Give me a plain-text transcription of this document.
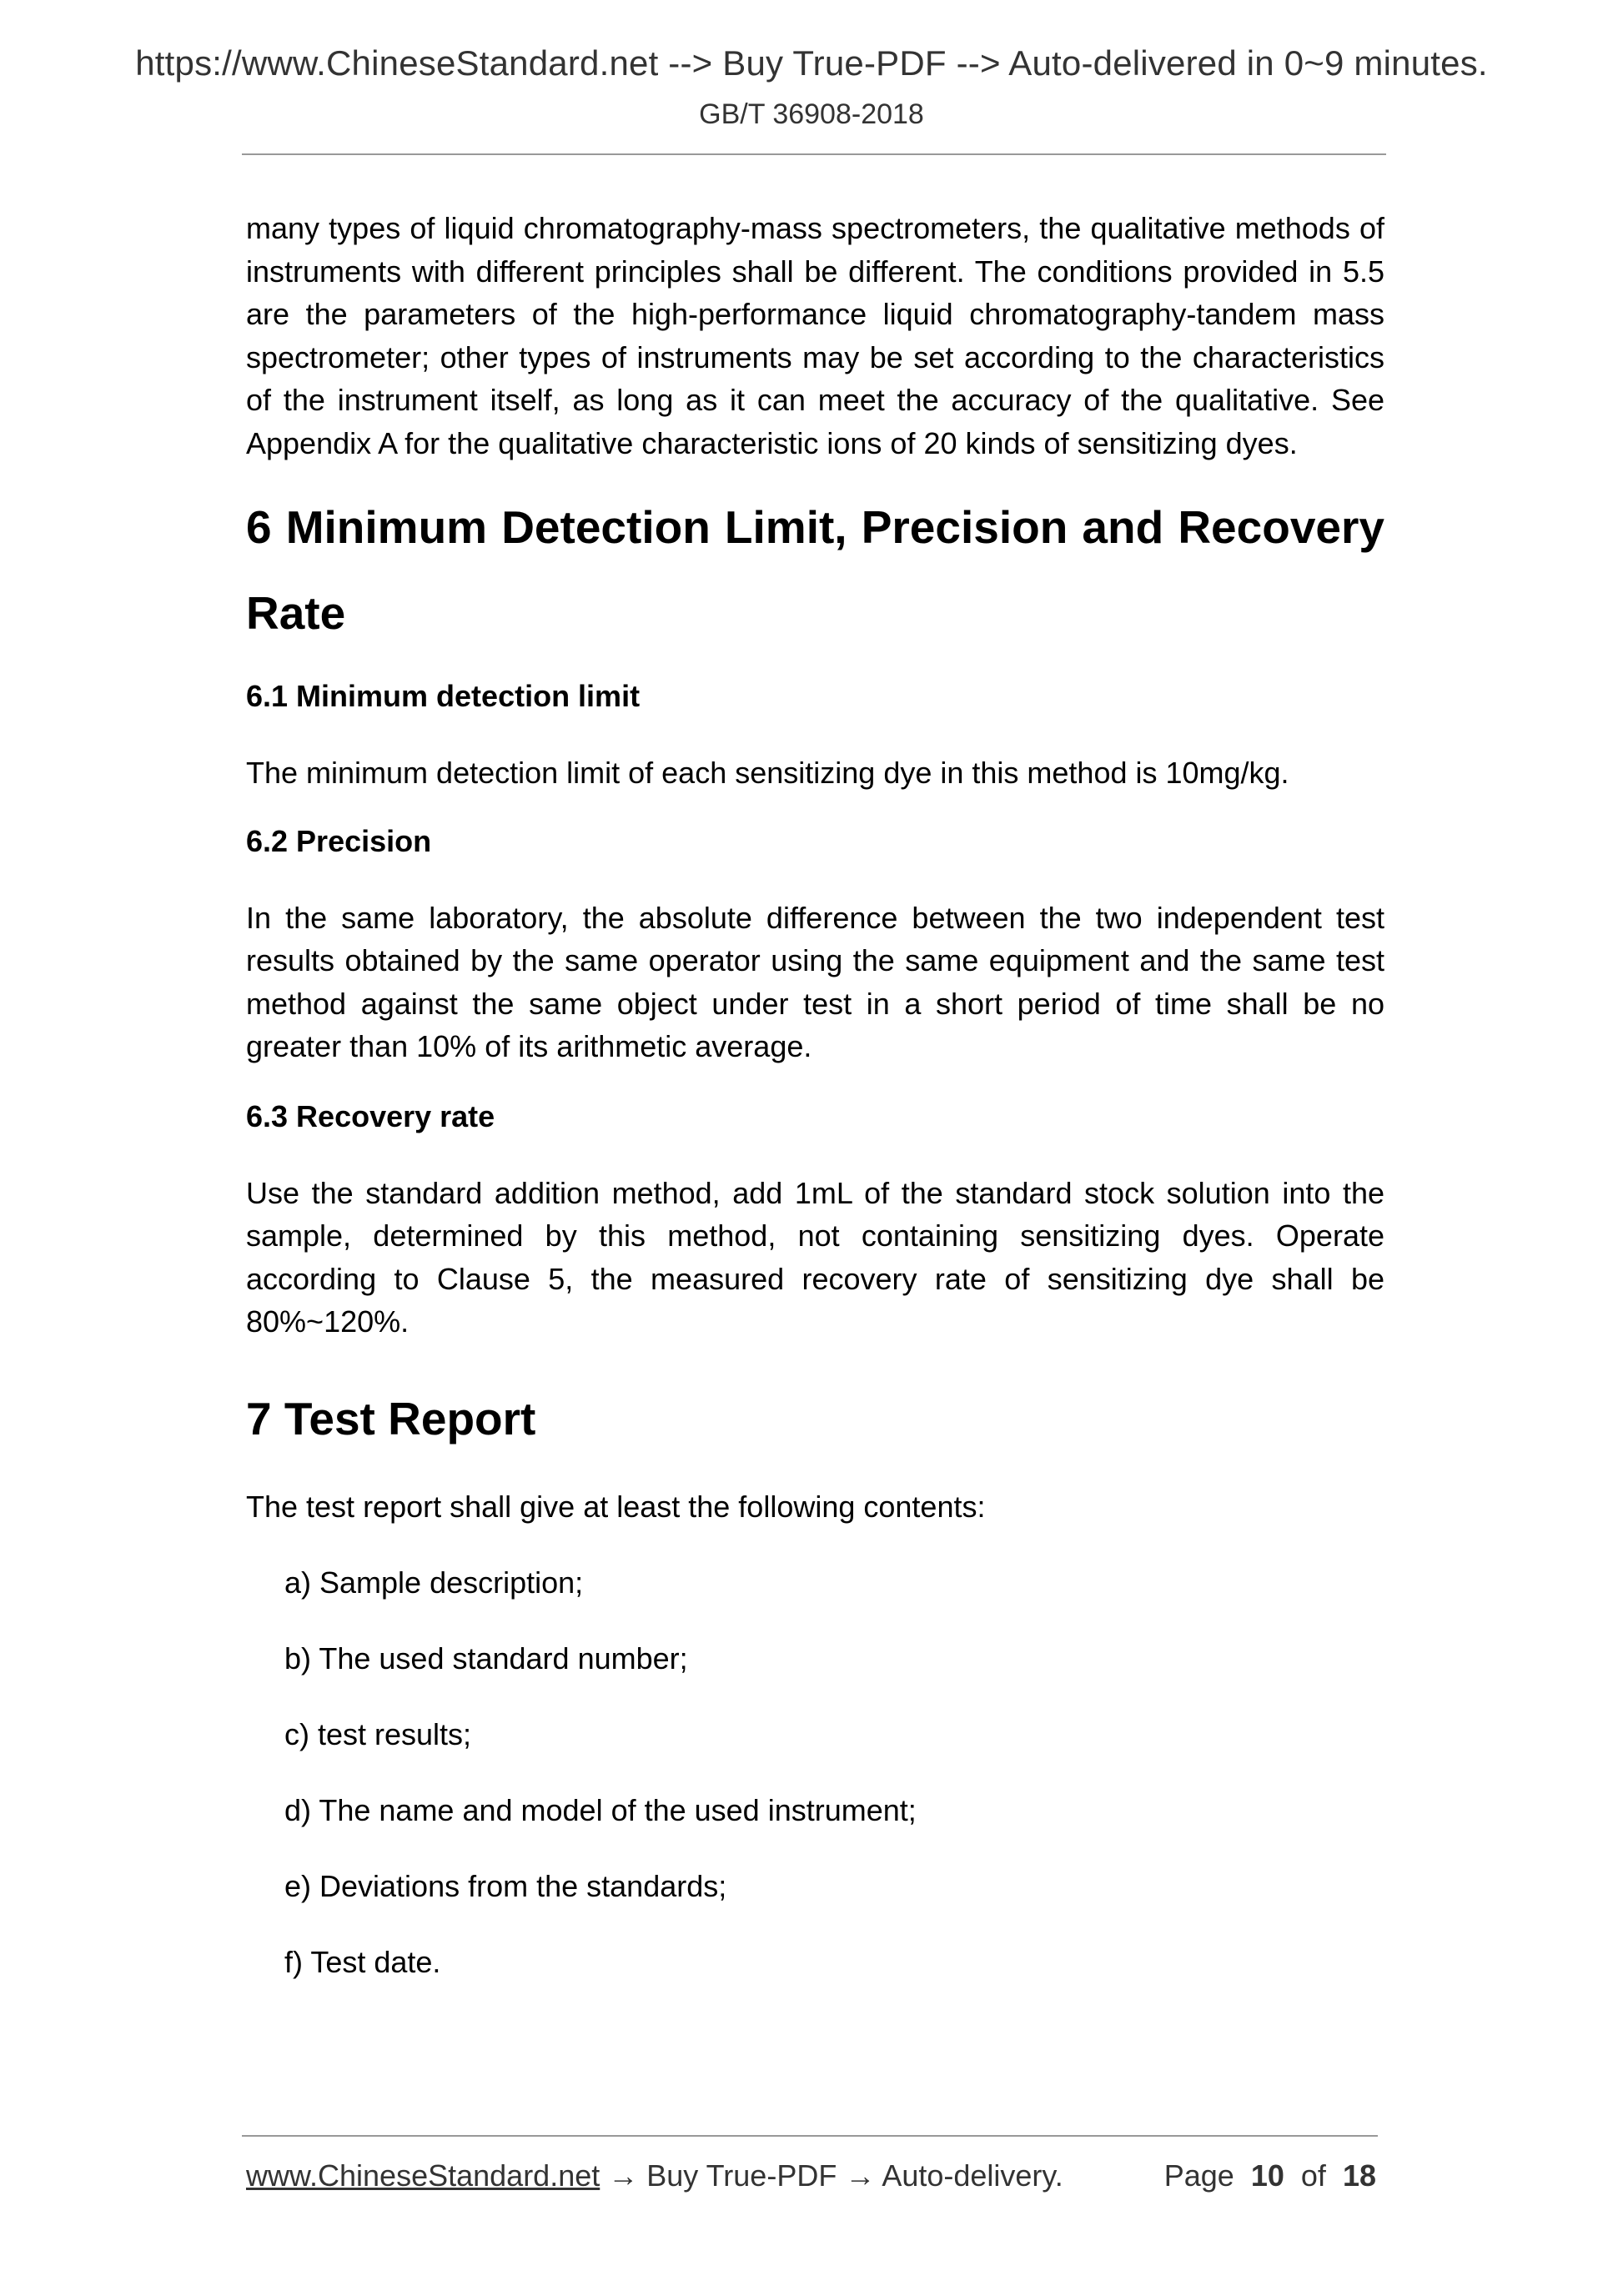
https://www.ChineseStandard.net --> Buy True-PDF --> Auto-delivered in 0~9 minutes.
GB/T 36908-2018

many types of liquid chromatography-mass spectrometers, the qualitative methods of instruments with different principles shall be different. The conditions provided in 5.5 are the parameters of the high-performance liquid chromatography-tandem mass spectrometer; other types of instruments may be set according to the characteristics of the instrument itself, as long as it can meet the accuracy of the qualitative. See Appendix A for the qualitative characteristic ions of 20 kinds of sensitizing dyes.

6 Minimum Detection Limit, Precision and Recovery Rate
6.1 Minimum detection limit

The minimum detection limit of each sensitizing dye in this method is 10mg/kg.

6.2 Precision

In the same laboratory, the absolute difference between the two independent test results obtained by the same operator using the same equipment and the same test method against the same object under test in a short period of time shall be no greater than 10% of its arithmetic average.

6.3 Recovery rate

Use the standard addition method, add 1mL of the standard stock solution into the sample, determined by this method, not containing sensitizing dyes. Operate according to Clause 5, the measured recovery rate of sensitizing dye shall be 80%~120%.

7 Test Report

The test report shall give at least the following contents:

a) Sample description;
b) The used standard number;
c) test results;
d) The name and model of the used instrument;
e) Deviations from the standards;
f) Test date.
www.ChineseStandard.net → Buy True-PDF → Auto-delivery.	Page 10 of 18
